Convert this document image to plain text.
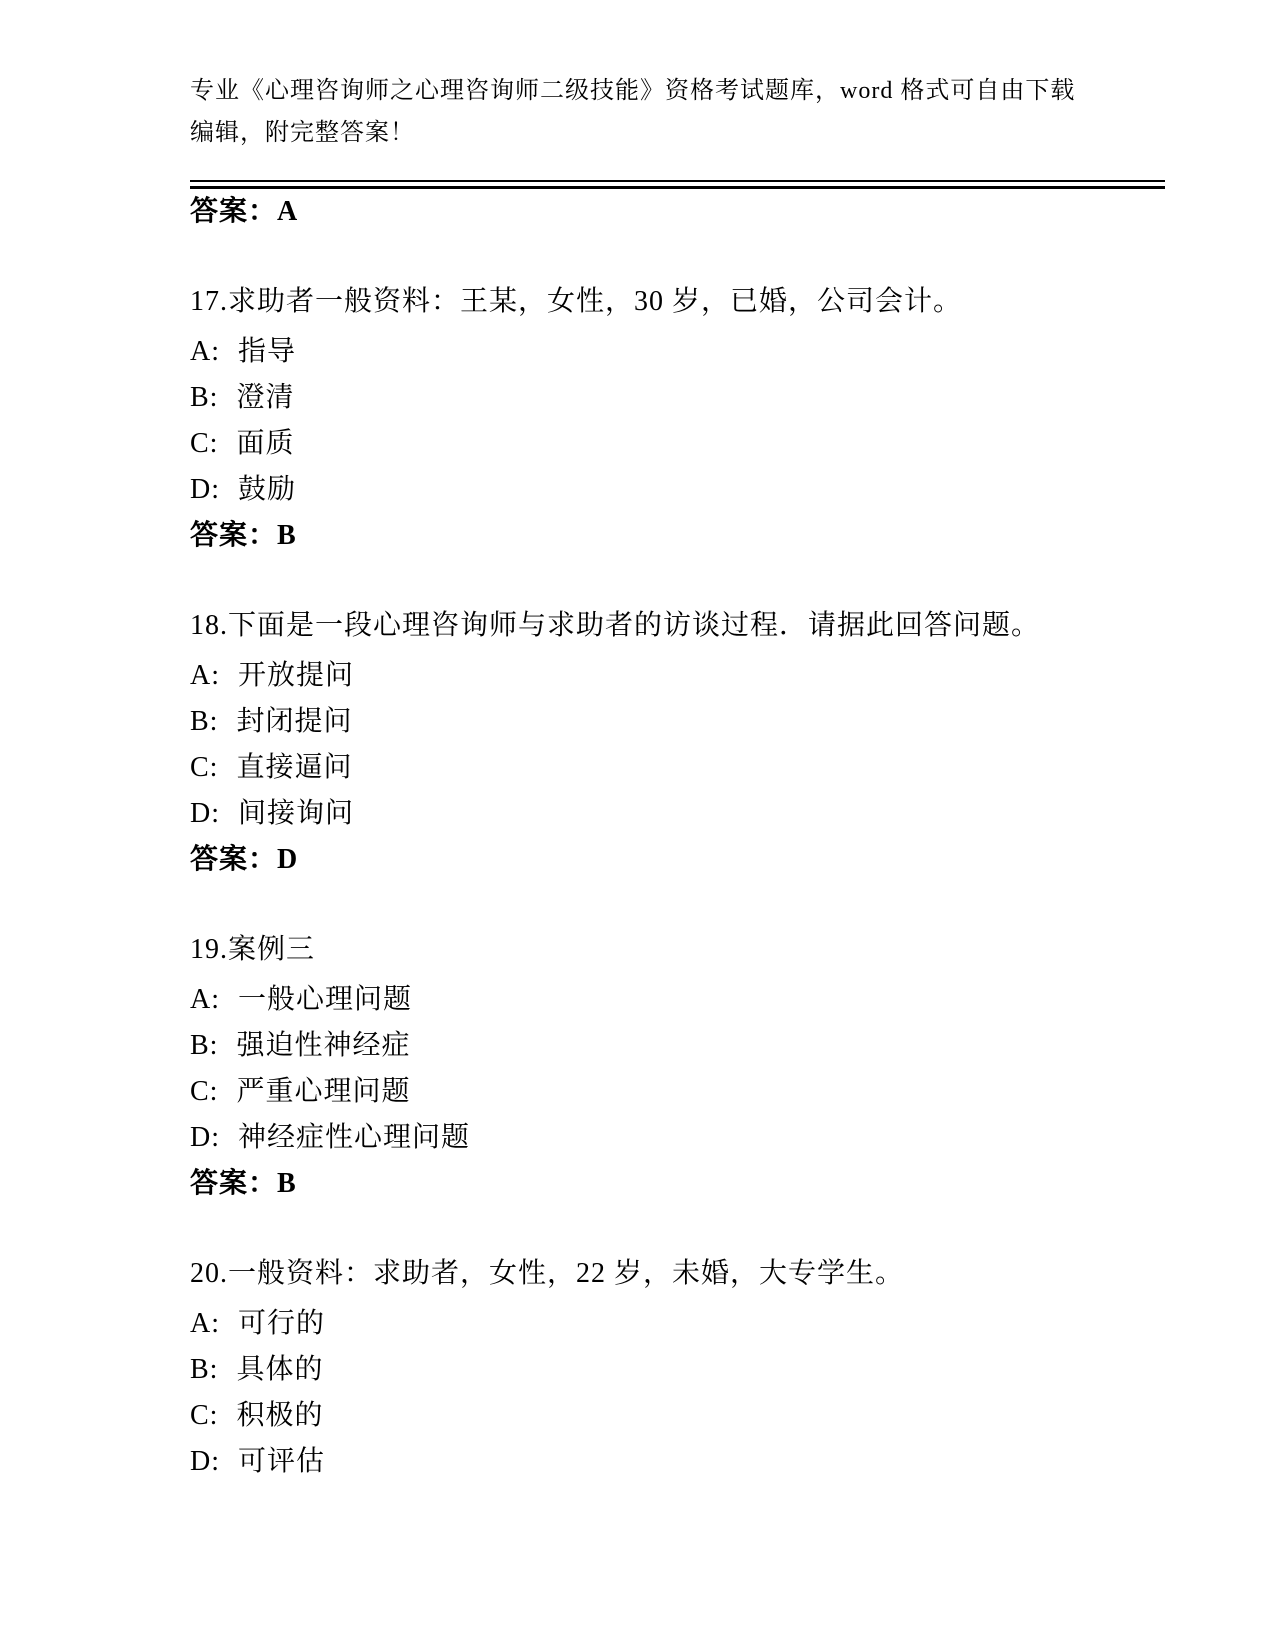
专业《心理咨询师之心理咨询师二级技能》资格考试题库，word 格式可自由下载
编辑，附完整答案！
答案：A
17.求助者一般资料：王某，女性，30 岁，已婚，公司会计。
A: 指导
B: 澄清
C: 面质
D: 鼓励
答案：B
18.下面是一段心理咨询师与求助者的访谈过程．请据此回答问题。
A: 开放提问
B: 封闭提问
C: 直接逼问
D: 间接询问
答案：D
19.案例三
A: 一般心理问题
B: 强迫性神经症
C: 严重心理问题
D: 神经症性心理问题
答案：B
20.一般资料：求助者，女性，22 岁，未婚，大专学生。
A: 可行的
B: 具体的
C: 积极的
D: 可评估
